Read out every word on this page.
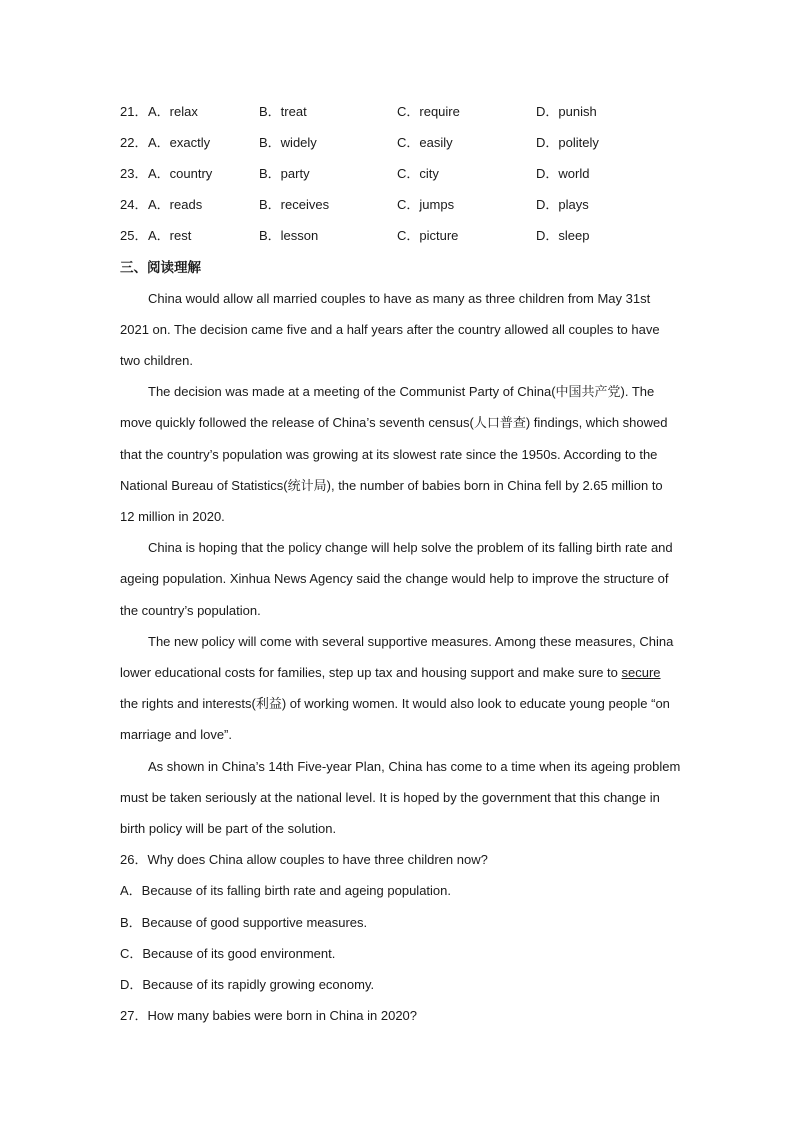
21． A．relax	B．treat	C．require	D．punish
22． A．exactly	B．widely	C．easily	D．politely
23． A．country	B．party	C．city	D．world
24． A．reads	B．receives	C．jumps	D．plays
25． A．rest	B．lesson	C．picture	D．sleep
三、阅读理解
China would allow all married couples to have as many as three children from May 31st
2021 on. The decision came five and a half years after the country allowed all couples to have
two children.
The decision was made at a meeting of the Communist Party of China(中国共产党). The
move quickly followed the release of China’s seventh census(人口普查) findings, which showed
that the country’s population was growing at its slowest rate since the 1950s. According to the
National Bureau of Statistics(统计局), the number of babies born in China fell by 2.65 million to
12 million in 2020.
China is hoping that the policy change will help solve the problem of its falling birth rate and
ageing population. Xinhua News Agency said the change would help to improve the structure of
the country’s population.
The new policy will come with several supportive measures. Among these measures, China
lower educational costs for families, step up tax and housing support and make sure to secure
the rights and interests(利益) of working women. It would also look to educate young people “on
marriage and love”.
As shown in China’s 14th Five-year Plan, China has come to a time when its ageing problem
must be taken seriously at the national level. It is hoped by the government that this change in
birth policy will be part of the solution.
26．Why does China allow couples to have three children now?
A．Because of its falling birth rate and ageing population.
B．Because of good supportive measures.
C．Because of its good environment.
D．Because of its rapidly growing economy.
27．How many babies were born in China in 2020?
